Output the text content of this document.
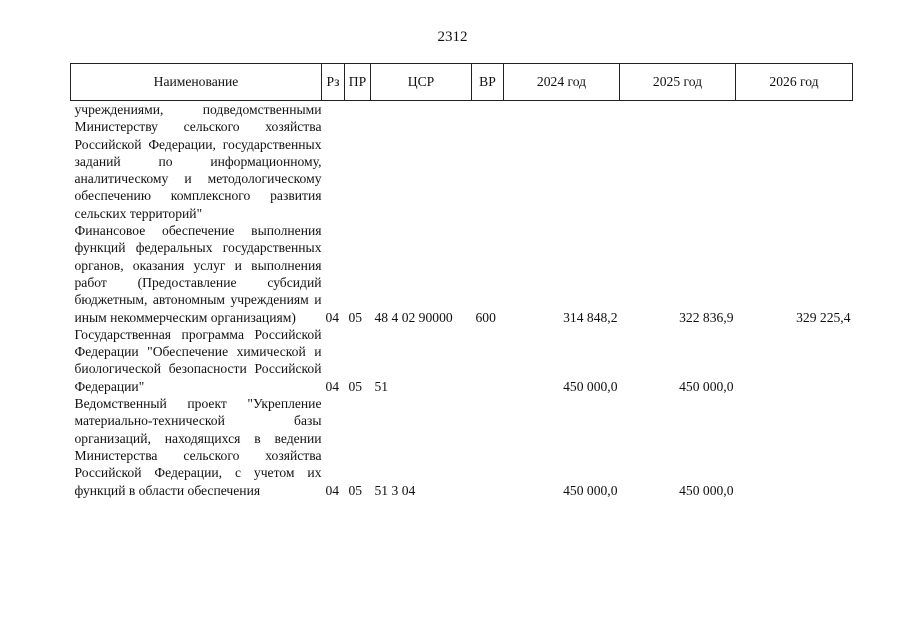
2312
Наименование	Рз	ПР	ЦСР	ВР	2024 год	2025 год	2026 год
учреждениями, подведомственными Министерству сельского хозяйства Российской Федерации, государственных заданий по информационному, аналитическому и методологическому обеспечению комплексного развития сельских территорий"							
Финансовое обеспечение выполнения функций федеральных государственных органов, оказания услуг и выполнения работ (Предоставление субсидий бюджетным, автономным учреждениям и иным некоммерческим организациям)	04	05	48 4 02 90000	600	314 848,2	322 836,9	329 225,4
Государственная программа Российской Федерации "Обеспечение химической и биологической безопасности Российской Федерации"	04	05	51		450 000,0	450 000,0	
Ведомственный проект "Укрепление материально-технической базы организаций, находящихся в ведении Министерства сельского хозяйства Российской Федерации, с учетом их функций в области обеспечения	04	05	51 3 04		450 000,0	450 000,0	
